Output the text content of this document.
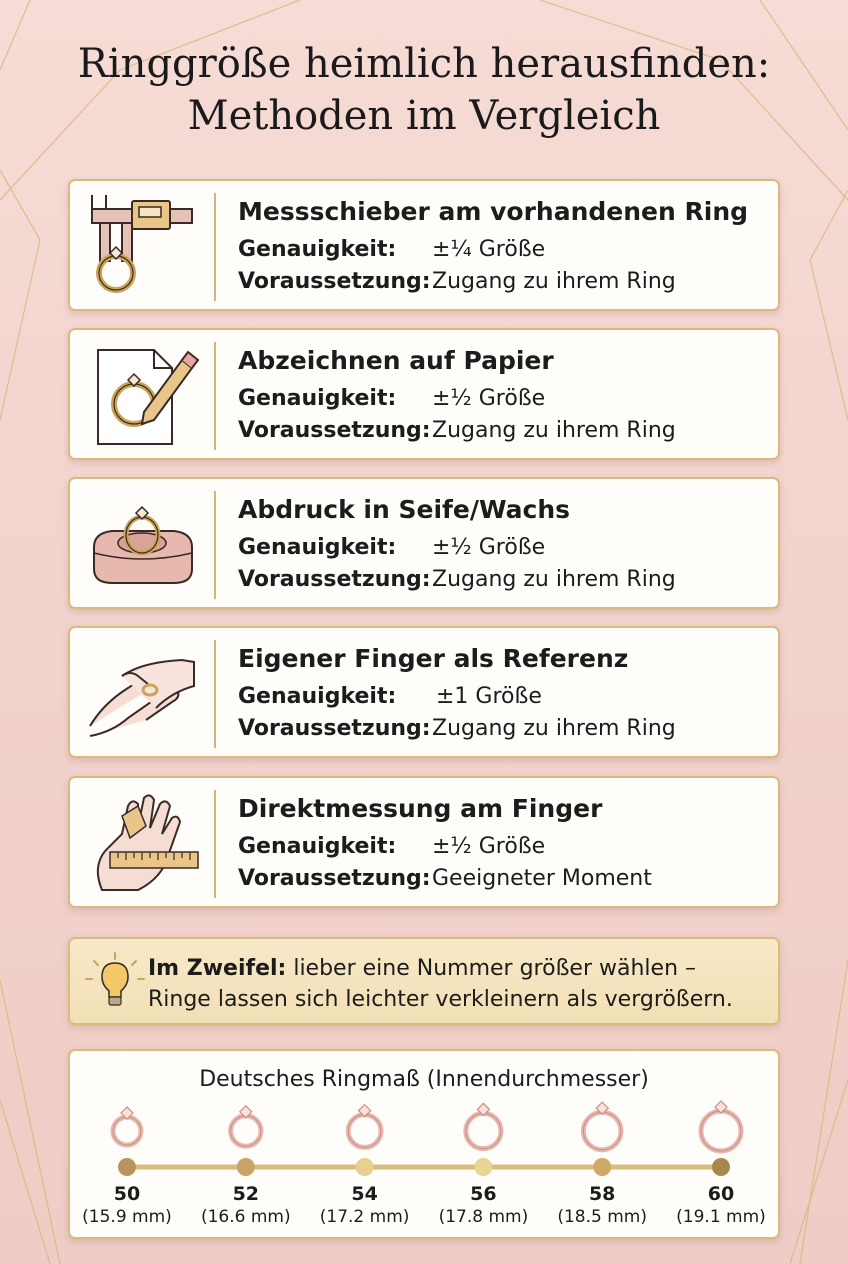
Ringgröße heimlich herausfinden:
Methoden im Vergleich
Messschieber am vorhandenen Ring
Genauigkeit: ±¼ Größe
Voraussetzung: Zugang zu ihrem Ring
Abzeichnen auf Papier
Genauigkeit: ±½ Größe
Voraussetzung: Zugang zu ihrem Ring
Abdruck in Seife/Wachs
Genauigkeit: ±½ Größe
Voraussetzung: Zugang zu ihrem Ring
Eigener Finger als Referenz
Genauigkeit: ±1 Größe
Voraussetzung: Zugang zu ihrem Ring
Direktmessung am Finger
Genauigkeit: ±½ Größe
Voraussetzung: Geeigneter Moment
Im Zweifel: lieber eine Nummer größer wählen –
Ringe lassen sich leichter verkleinern als vergrößern.
Deutsches Ringmaß (Innendurchmesser)
50
(15.9 mm)
52
(16.6 mm)
54
(17.2 mm)
56
(17.8 mm)
58
(18.5 mm)
60
(19.1 mm)
